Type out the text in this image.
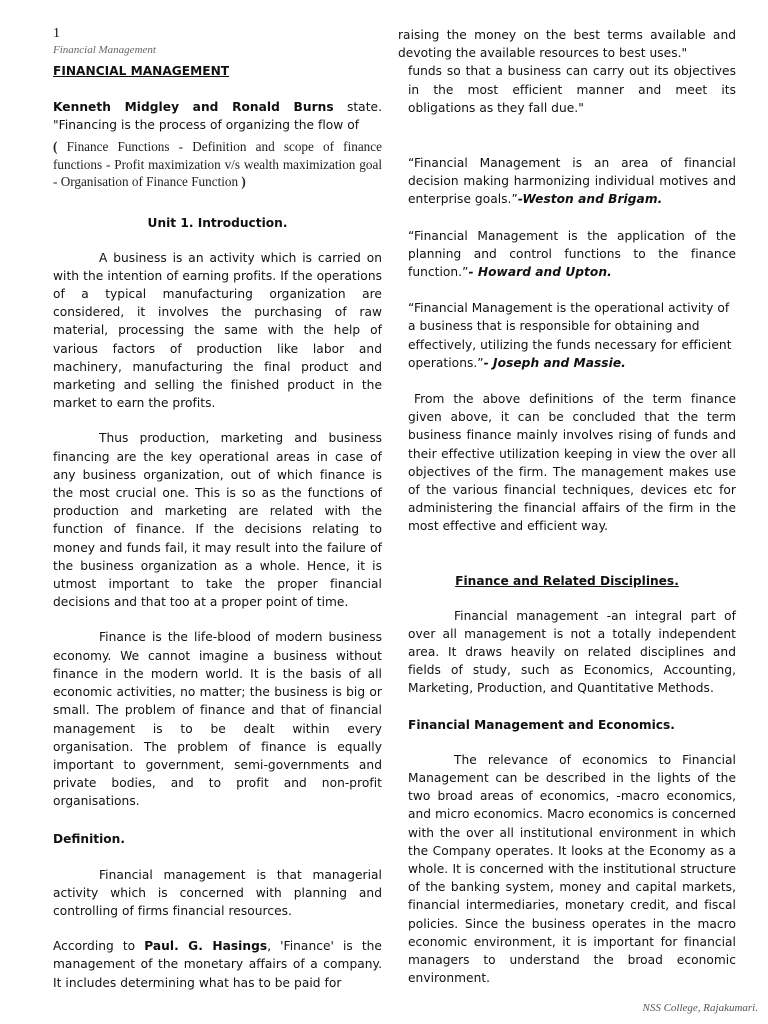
1
Financial Management
FINANCIAL MANAGEMENT

Kenneth Midgley and Ronald Burns state. "Financing is the process of organizing the flow of

( Finance Functions - Definition and scope of finance functions - Profit maximization v/s wealth maximization goal - Organisation of Finance Function )

Unit 1. Introduction.

A business is an activity which is carried on with the intention of earning profits. If the operations of a typical manufacturing organization are considered, it involves the purchasing of raw material, processing the same with the help of various factors of production like labor and machinery, manufacturing the final product and marketing and selling the finished product in the market to earn the profits.

Thus production, marketing and business financing are the key operational areas in case of any business organization, out of which finance is the most crucial one. This is so as the functions of production and marketing are related with the function of finance. If the decisions relating to money and funds fail, it may result into the failure of the business organization as a whole. Hence, it is utmost important to take the proper financial decisions and that too at a proper point of time.

Finance is the life-blood of modern business economy. We cannot imagine a business without finance in the modern world. It is the basis of all economic activities, no matter; the business is big or small. The problem of finance and that of financial management is to be dealt within every organisation. The problem of finance is equally important to government, semi-governments and private bodies, and to profit and non-profit organisations.

Definition.

Financial management is that managerial activity which is concerned with planning and controlling of firms financial resources.

According to Paul. G. Hasings, 'Finance' is the management of the monetary affairs of a company. It includes determining what has to be paid for

raising the money on the best terms available and devoting the available resources to best uses."

funds so that a business can carry out its objectives in the most efficient manner and meet its obligations as they fall due."

“Financial Management is an area of financial decision making harmonizing individual motives and enterprise goals.”-Weston and Brigam.

“Financial Management is the application of the planning and control functions to the finance function.”- Howard and Upton.

“Financial Management is the operational activity of a business that is responsible for obtaining and effectively, utilizing the funds necessary for efficient operations.”- Joseph and Massie.

From the above definitions of the term finance given above, it can be concluded that the term business finance mainly involves rising of funds and their effective utilization keeping in view the over all objectives of the firm. The management makes use of the various financial techniques, devices etc for administering the financial affairs of the firm in the most effective and efficient way.

Finance and Related Disciplines.

Financial management -an integral part of over all management is not a totally independent area. It draws heavily on related disciplines and fields of study, such as Economics, Accounting, Marketing, Production, and Quantitative Methods.

Financial Management and Economics.

The relevance of economics to Financial Management can be described in the lights of the two broad areas of economics, -macro economics, and micro economics. Macro economics is concerned with the over all institutional environment in which the Company operates. It looks at the Economy as a whole. It is concerned with the institutional structure of the banking system, money and capital markets, financial intermediaries, monetary credit, and fiscal policies. Since the business operates in the macro economic environment, it is important for financial managers to understand the broad economic environment.

NSS College, Rajakumari.
